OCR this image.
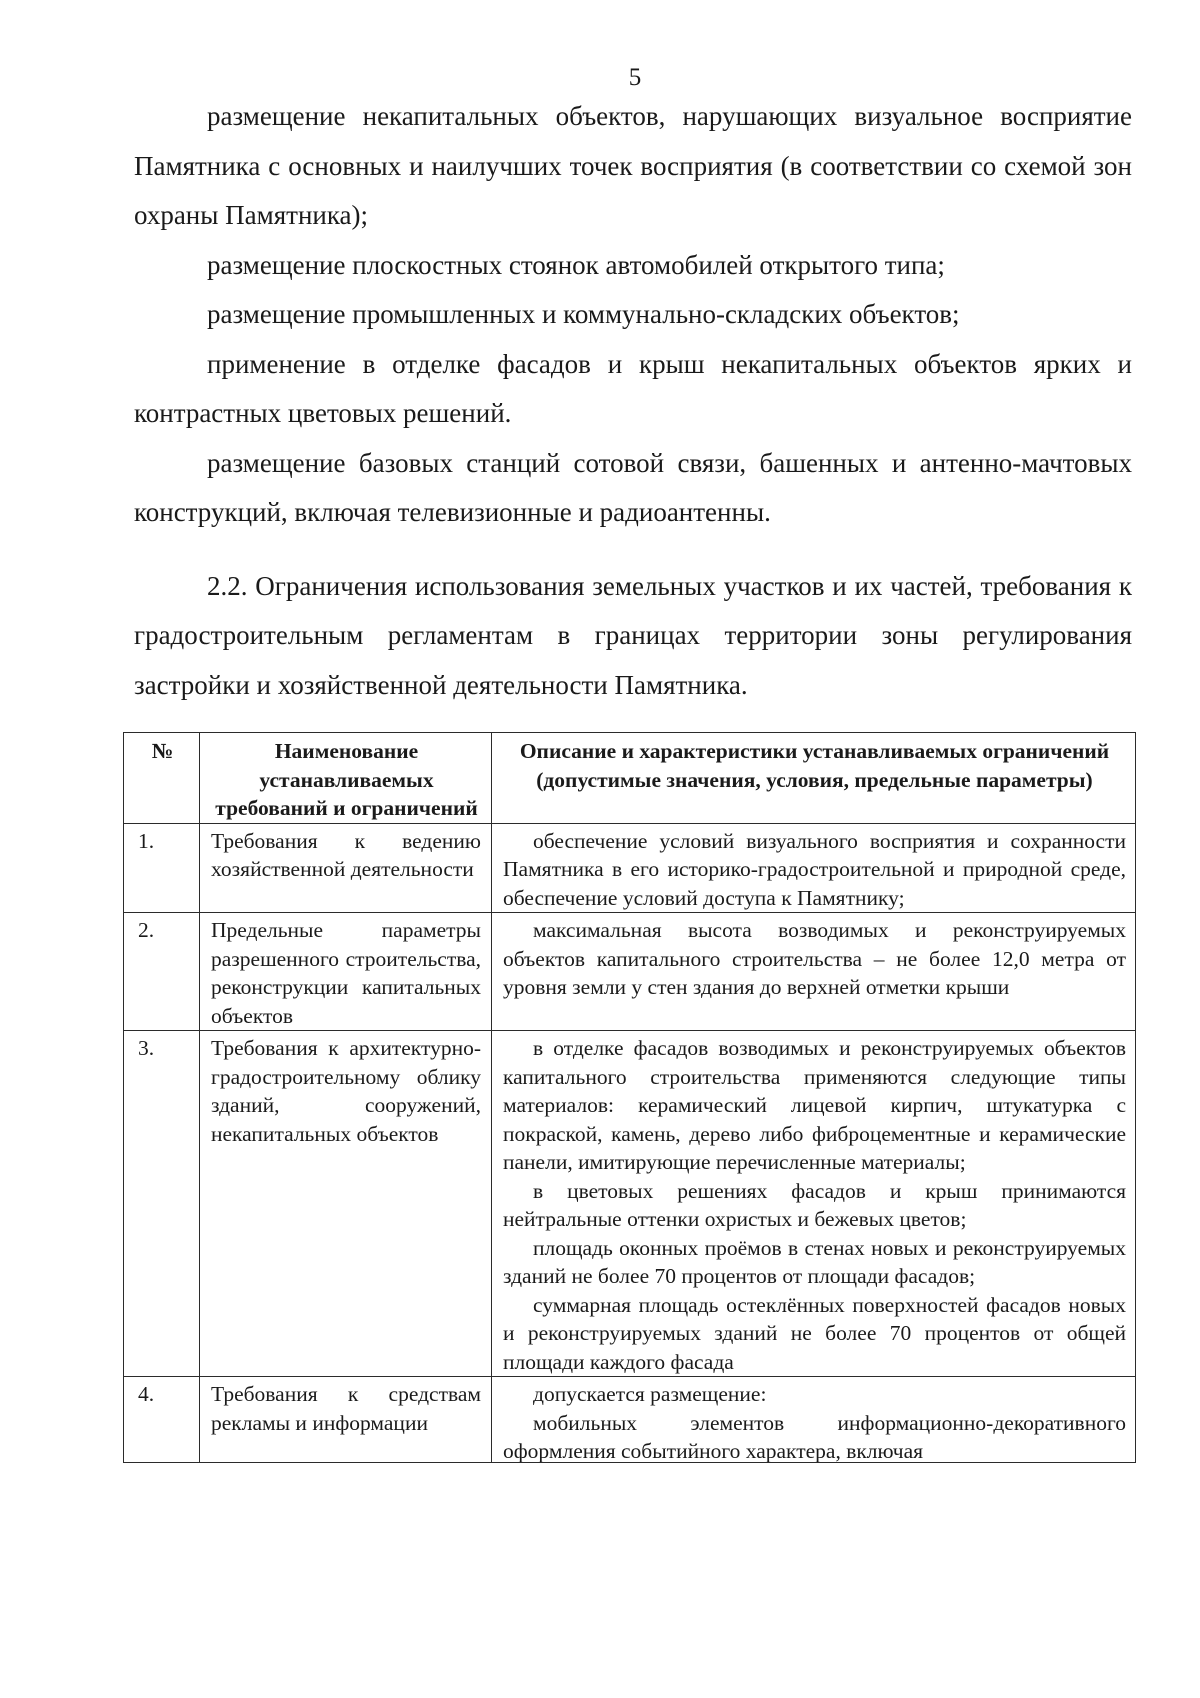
5

размещение некапитальных объектов, нарушающих визуальное восприятие Памятника с основных и наилучших точек восприятия (в соответствии со схемой зон охраны Памятника);

размещение плоскостных стоянок автомобилей открытого типа;

размещение промышленных и коммунально-складских объектов;

применение в отделке фасадов и крыш некапитальных объектов ярких и контрастных цветовых решений.

размещение базовых станций сотовой связи, башенных и антенно-мачтовых конструкций, включая телевизионные и радиоантенны.

2.2. Ограничения использования земельных участков и их частей, требования к градостроительным регламентам в границах территории зоны регулирования застройки и хозяйственной деятельности Памятника.

№	Наименование устанавливаемых требований и ограничений	Описание и характеристики устанавливаемых ограничений (допустимые значения, условия, предельные параметры)
1.	Требования к ведению хозяйственной деятельности	обеспечение условий визуального восприятия и сохранности Памятника в его историко-градостроительной и природной среде, обеспечение условий доступа к Памятнику;

2.	Предельные параметры разрешенного строительства, реконструкции капитальных объектов	максимальная высота возводимых и реконструируемых объектов капитального строительства – не более 12,0 метра от уровня земли у стен здания до верхней отметки крыши

3.	Требования к архитектурно-градостроительному облику зданий, сооружений, некапитальных объектов	в отделке фасадов возводимых и реконструируемых объектов капитального строительства применяются следующие типы материалов: керамический лицевой кирпич, штукатурка с покраской, камень, дерево либо фиброцементные и керамические панели, имитирующие перечисленные материалы;

в цветовых решениях фасадов и крыш принимаются нейтральные оттенки охристых и бежевых цветов;

площадь оконных проёмов в стенах новых и реконструируемых зданий не более 70 процентов от площади фасадов;

суммарная площадь остеклённых поверхностей фасадов новых и реконструируемых зданий не более 70 процентов от общей площади каждого фасада

4.	Требования к средствам рекламы и информации	допускается размещение:

мобильных элементов информационно-декоративного оформления событийного характера, включая
